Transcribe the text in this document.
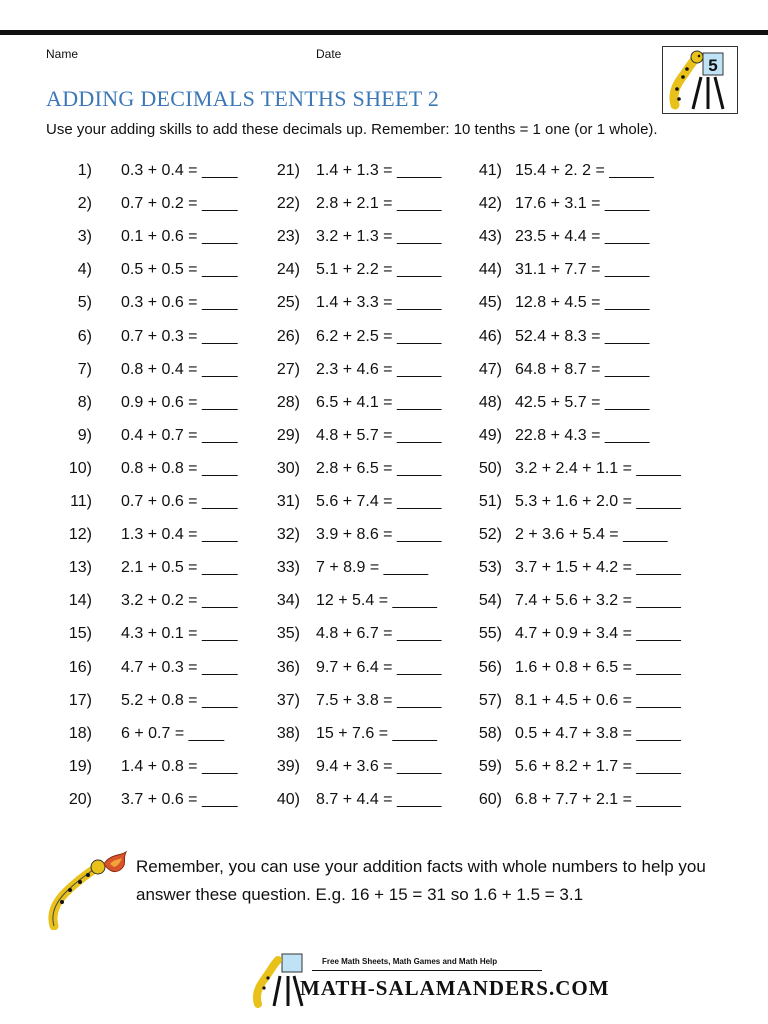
Name	Date
ADDING DECIMALS TENTHS SHEET 2
Use your adding skills to add these decimals up. Remember: 10 tenths = 1 one (or 1 whole).
5
1) 0.3 + 0.4 = ____
2) 0.7 + 0.2 = ____
3) 0.1 + 0.6 = ____
4) 0.5 + 0.5 = ____
5) 0.3 + 0.6 = ____
6) 0.7 + 0.3 = ____
7) 0.8 + 0.4 = ____
8) 0.9 + 0.6 = ____
9) 0.4 + 0.7 = ____
10) 0.8 + 0.8 = ____
11) 0.7 + 0.6 = ____
12) 1.3 + 0.4 = ____
13) 2.1 + 0.5 = ____
14) 3.2 + 0.2 = ____
15) 4.3 + 0.1 = ____
16) 4.7 + 0.3 = ____
17) 5.2 + 0.8 = ____
18) 6 + 0.7 = ____
19) 1.4 + 0.8 = ____
20) 3.7 + 0.6 = ____
21) 1.4 + 1.3 = _____
22) 2.8 + 2.1 = _____
23) 3.2 + 1.3 = _____
24) 5.1 + 2.2 = _____
25) 1.4 + 3.3 = _____
26) 6.2 + 2.5 = _____
27) 2.3 + 4.6 = _____
28) 6.5 + 4.1 = _____
29) 4.8 + 5.7 = _____
30) 2.8 + 6.5 = _____
31) 5.6 + 7.4 = _____
32) 3.9 + 8.6 = _____
33) 7 + 8.9 = _____
34) 12 + 5.4 = _____
35) 4.8 + 6.7 = _____
36) 9.7 + 6.4 = _____
37) 7.5 + 3.8 = _____
38) 15 + 7.6 = _____
39) 9.4 + 3.6 = _____
40) 8.7 + 4.4 = _____
41) 15.4 + 2. 2 = _____
42) 17.6 + 3.1 = _____
43) 23.5 + 4.4 = _____
44) 31.1 + 7.7 = _____
45) 12.8 + 4.5 = _____
46) 52.4 + 8.3 = _____
47) 64.8 + 8.7 = _____
48) 42.5 + 5.7 = _____
49) 22.8 + 4.3 = _____
50) 3.2 + 2.4 + 1.1 = _____
51) 5.3 + 1.6 + 2.0 = _____
52) 2 + 3.6 + 5.4 = _____
53) 3.7 + 1.5 + 4.2 = _____
54) 7.4 + 5.6 + 3.2 = _____
55) 4.7 + 0.9 + 3.4 = _____
56) 1.6 + 0.8 + 6.5 = _____
57) 8.1 + 4.5 + 0.6 = _____
58) 0.5 + 4.7 + 3.8 = _____
59) 5.6 + 8.2 + 1.7 = _____
60) 6.8 + 7.7 + 2.1 = _____
Remember, you can use your addition facts with whole numbers to help you answer these question. E.g. 16 + 15 = 31 so 1.6 + 1.5 = 3.1
Free Math Sheets, Math Games and Math Help
MATH-SALAMANDERS.COM
